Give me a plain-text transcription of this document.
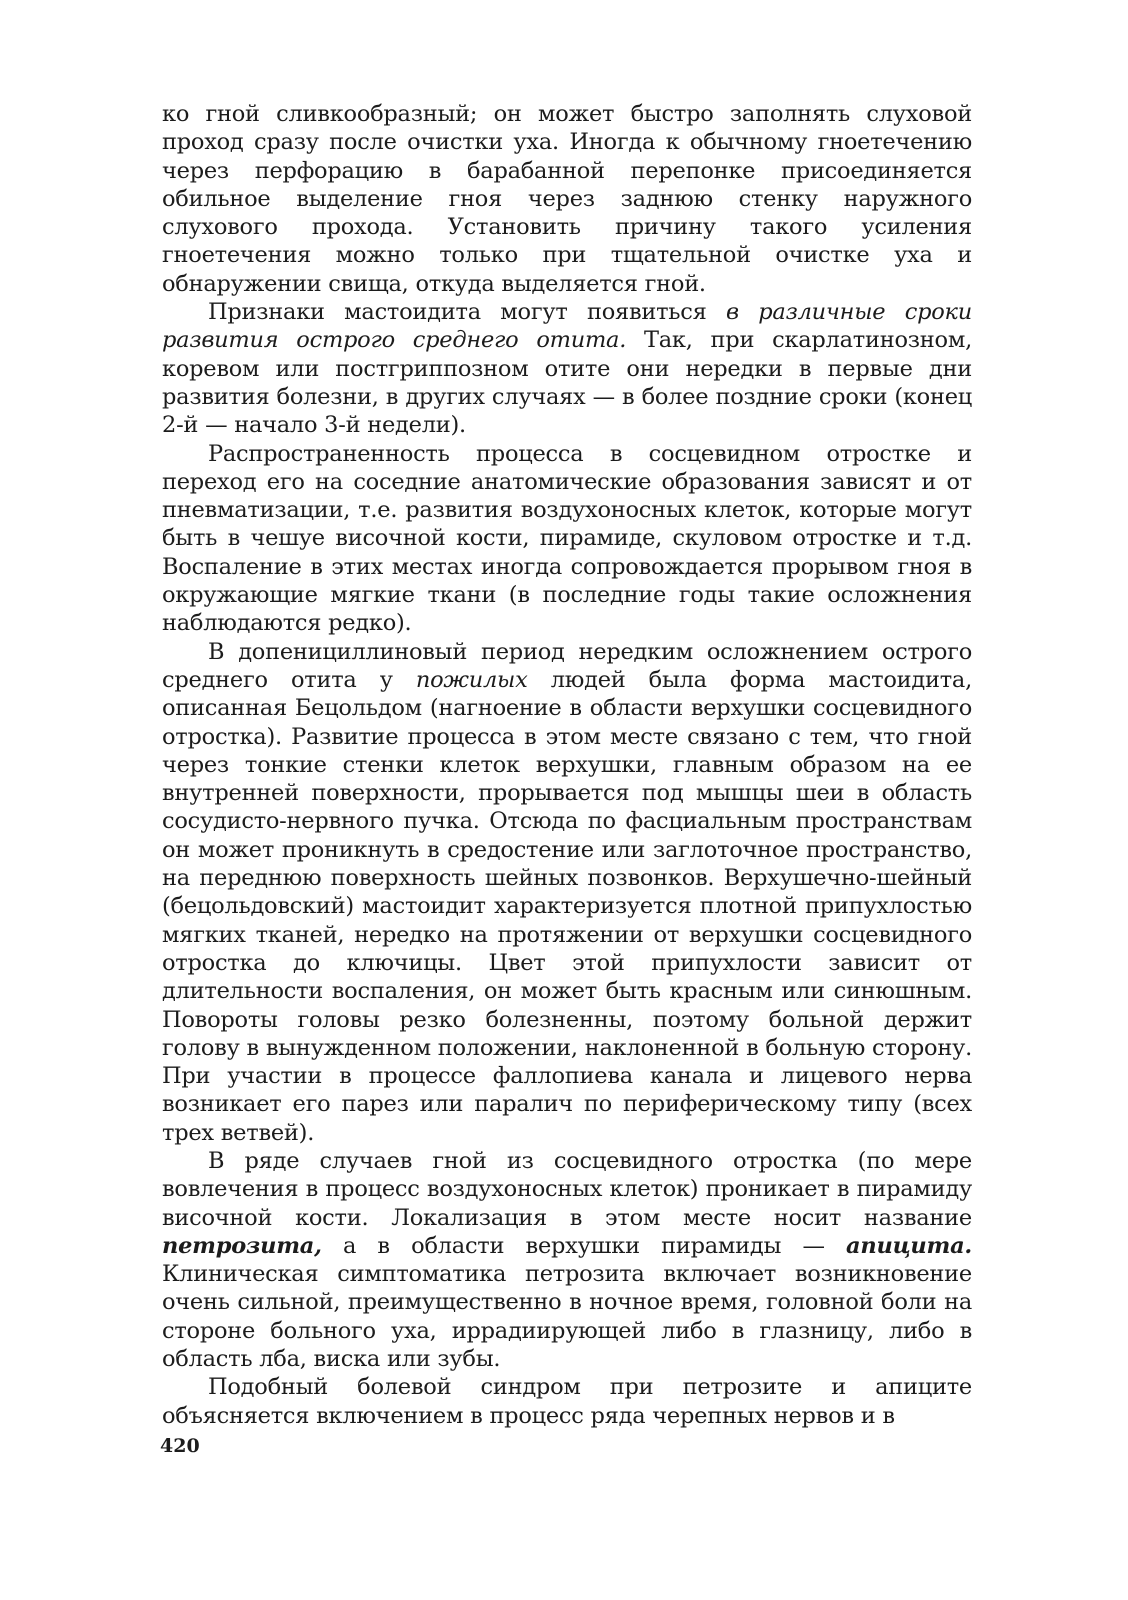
ко гной сливкообразный; он может быстро заполнять слуховой проход сразу после очистки уха. Иногда к обычному гноетечению через перфорацию в барабанной перепонке присоединяется обильное выделение гноя через заднюю стенку наружного слухового прохода. Установить причину такого усиления гноетечения можно только при тщательной очистке уха и обнаружении свища, откуда выделяется гной.

Признаки мастоидита могут появиться в различные сроки развития острого среднего отита. Так, при скарлатинозном, коревом или постгриппозном отите они нередки в первые дни развития болезни, в других случаях — в более поздние сроки (конец 2-й — начало 3-й недели).

Распространенность процесса в сосцевидном отростке и переход его на соседние анатомические образования зависят и от пневматизации, т.е. развития воздухоносных клеток, которые могут быть в чешуе височной кости, пирамиде, скуловом отростке и т.д. Воспаление в этих местах иногда сопровождается прорывом гноя в окружающие мягкие ткани (в последние годы такие осложнения наблюдаются редко).

В допенициллиновый период нередким осложнением острого среднего отита у пожилых людей была форма мастоидита, описанная Бецольдом (нагноение в области верхушки сосцевидного отростка). Развитие процесса в этом месте связано с тем, что гной через тонкие стенки клеток верхушки, главным образом на ее внутренней поверхности, прорывается под мышцы шеи в область сосудисто-нервного пучка. Отсюда по фасциальным пространствам он может проникнуть в средостение или заглоточное пространство, на переднюю поверхность шейных позвонков. Верхушечно-шейный (бецольдовский) мастоидит характеризуется плотной припухлостью мягких тканей, нередко на протяжении от верхушки сосцевидного отростка до ключицы. Цвет этой припухлости зависит от длительности воспаления, он может быть красным или синюшным. Повороты головы резко болезненны, поэтому больной держит голову в вынужденном положении, наклоненной в больную сторону. При участии в процессе фаллопиева канала и лицевого нерва возникает его парез или паралич по периферическому типу (всех трех ветвей).

В ряде случаев гной из сосцевидного отростка (по мере вовлечения в процесс воздухоносных клеток) проникает в пирамиду височной кости. Локализация в этом месте носит название петрозита, а в области верхушки пирамиды — апицита. Клиническая симптоматика петрозита включает возникновение очень сильной, преимущественно в ночное время, головной боли на стороне больного уха, иррадиирующей либо в глазницу, либо в область лба, виска или зубы.

Подобный болевой синдром при петрозите и апиците объясняется включением в процесс ряда черепных нервов и в

420
